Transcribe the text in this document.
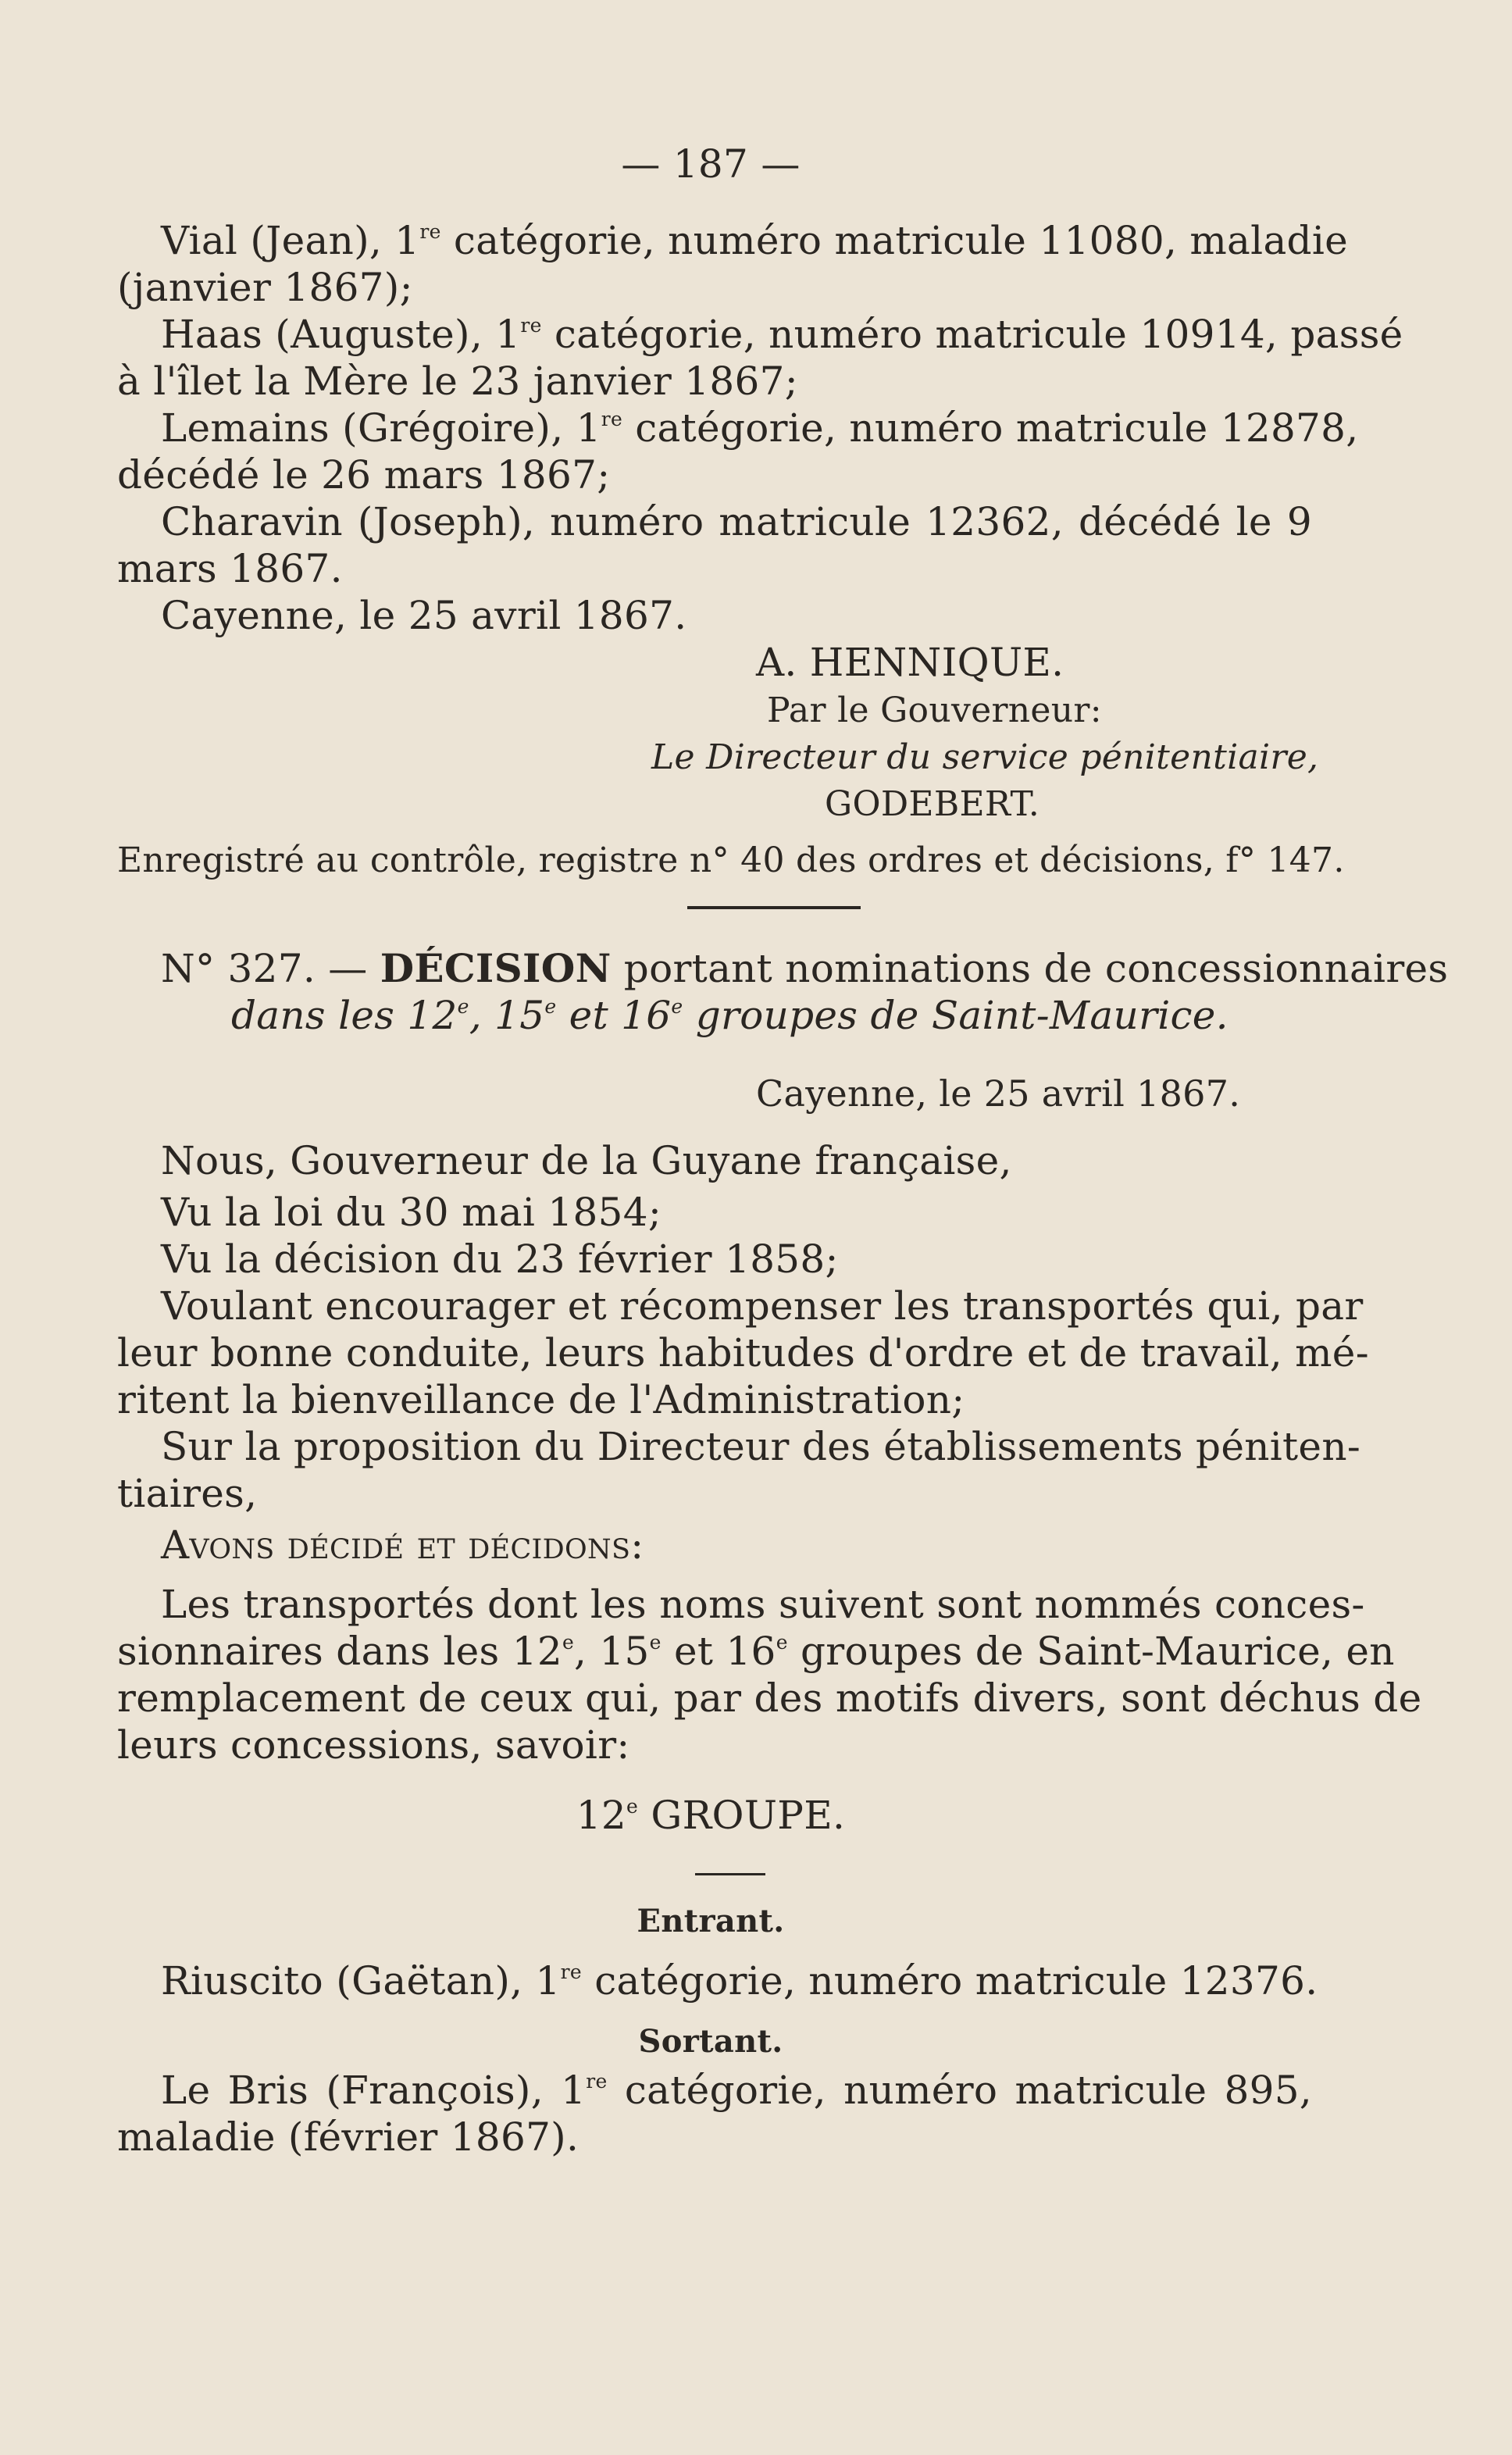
— 187 —
Vial (Jean), 1re catégorie, numéro matricule 11080, maladie
(janvier 1867);
Haas (Auguste), 1re catégorie, numéro matricule 10914, passé
à l'îlet la Mère le 23 janvier 1867;
Lemains (Grégoire), 1re catégorie, numéro matricule 12878,
décédé le 26 mars 1867;
Charavin (Joseph), numéro matricule 12362, décédé le 9
mars 1867.
Cayenne, le 25 avril 1867.
A. HENNIQUE.
Par le Gouverneur:
Le Directeur du service pénitentiaire,
GODEBERT.
Enregistré au contrôle, registre n° 40 des ordres et décisions, f° 147.
N° 327. — DÉCISION portant nominations de concessionnaires
dans les 12e, 15e et 16e groupes de Saint-Maurice.
Cayenne, le 25 avril 1867.
Nous, Gouverneur de la Guyane française,
Vu la loi du 30 mai 1854;
Vu la décision du 23 février 1858;
Voulant encourager et récompenser les transportés qui, par
leur bonne conduite, leurs habitudes d'ordre et de travail, mé-
ritent la bienveillance de l'Administration;
Sur la proposition du Directeur des établissements péniten-
tiaires,
Avons décidé et décidons:
Les transportés dont les noms suivent sont nommés conces-
sionnaires dans les 12e, 15e et 16e groupes de Saint-Maurice, en
remplacement de ceux qui, par des motifs divers, sont déchus de
leurs concessions, savoir:
12e GROUPE.
Entrant.
Riuscito (Gaëtan), 1re catégorie, numéro matricule 12376.
Sortant.
Le Bris (François), 1re catégorie, numéro matricule 895,
maladie (février 1867).
